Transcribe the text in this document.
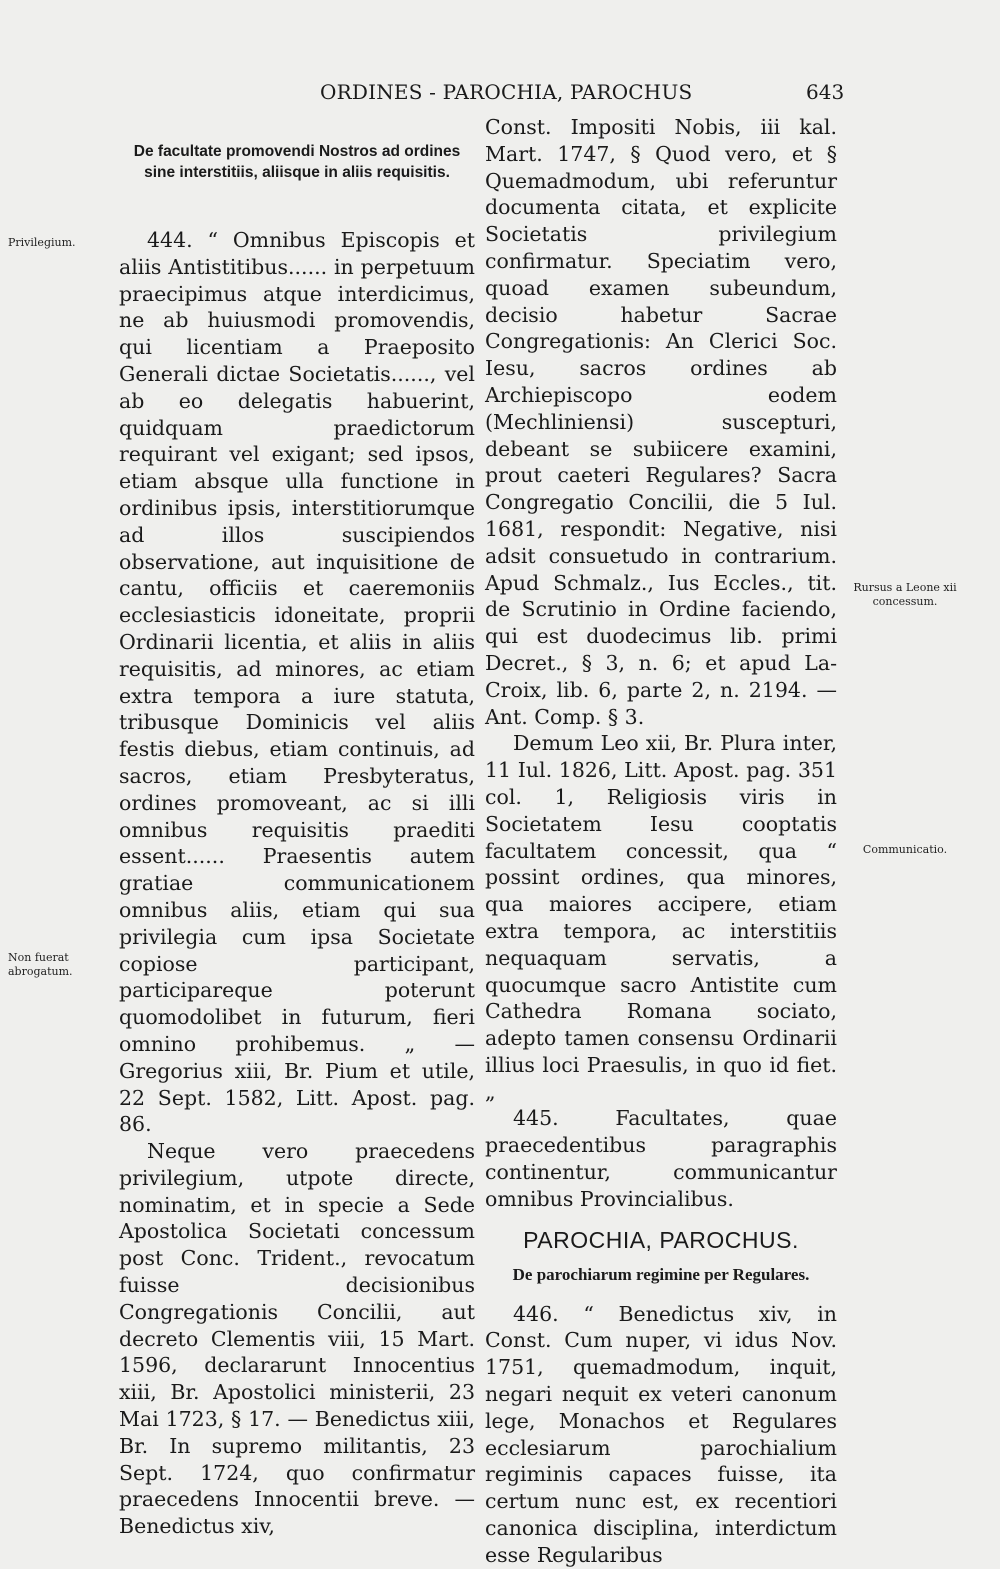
ORDINES - PAROCHIA, PAROCHUS	643
Privilegium.
Non fuerat abrogatum.
Rursus a Leone xii concessum.
Communicatio.

De facultate promovendi Nostros ad ordines sine interstitiis, aliisque in aliis requisitis.

444. “ Omnibus Episcopis et aliis Antistitibus...... in perpetuum praecipimus atque interdicimus, ne ab huiusmodi promovendis, qui licentiam a Praeposito Generali dictae Societatis......, vel ab eo delegatis habuerint, quidquam praedictorum requirant vel exigant; sed ipsos, etiam absque ulla functione in ordinibus ipsis, interstitiorumque ad illos suscipiendos observatione, aut inquisitione de cantu, officiis et caeremoniis ecclesiasticis idoneitate, proprii Ordinarii licentia, et aliis in aliis requisitis, ad minores, ac etiam extra tempora a iure statuta, tribusque Dominicis vel aliis festis diebus, etiam continuis, ad sacros, etiam Presbyteratus, ordines promoveant, ac si illi omnibus requisitis praediti essent...... Praesentis autem gratiae communicationem omnibus aliis, etiam qui sua privilegia cum ipsa Societate copiose participant, participareque poterunt quomodolibet in futurum, fieri omnino prohibemus. „ — Gregorius xiii, Br. Pium et utile, 22 Sept. 1582, Litt. Apost. pag. 86.

Neque vero praecedens privilegium, utpote directe, nominatim, et in specie a Sede Apostolica Societati concessum post Conc. Trident., revocatum fuisse decisionibus Congregationis Concilii, aut decreto Clementis viii, 15 Mart. 1596, declararunt Innocentius xiii, Br. Apostolici ministerii, 23 Mai 1723, § 17. — Benedictus xiii, Br. In supremo militantis, 23 Sept. 1724, quo confirmatur praecedens Innocentii breve. — Benedictus xiv,

Const. Impositi Nobis, iii kal. Mart. 1747, § Quod vero, et § Quemadmodum, ubi referuntur documenta citata, et explicite Societatis privilegium confirmatur. Speciatim vero, quoad examen subeundum, decisio habetur Sacrae Congregationis: An Clerici Soc. Iesu, sacros ordines ab Archiepiscopo eodem (Mechliniensi) suscepturi, debeant se subiicere examini, prout caeteri Regulares? Sacra Congregatio Concilii, die 5 Iul. 1681, respondit: Negative, nisi adsit consuetudo in contrarium. Apud Schmalz., Ius Eccles., tit. de Scrutinio in Ordine faciendo, qui est duodecimus lib. primi Decret., § 3, n. 6; et apud La-Croix, lib. 6, parte 2, n. 2194. — Ant. Comp. § 3.

Demum Leo xii, Br. Plura inter, 11 Iul. 1826, Litt. Apost. pag. 351 col. 1, Religiosis viris in Societatem Iesu cooptatis facultatem concessit, qua “ possint ordines, qua minores, qua maiores accipere, etiam extra tempora, ac interstitiis nequaquam servatis, a quocumque sacro Antistite cum Cathedra Romana sociato, adepto tamen consensu Ordinarii illius loci Praesulis, in quo id fiet. „

445. Facultates, quae praecedentibus paragraphis continentur, communicantur omnibus Provincialibus.

PAROCHIA, PAROCHUS.
De parochiarum regimine per Regulares.

446. “ Benedictus xiv, in Const. Cum nuper, vi idus Nov. 1751, quemadmodum, inquit, negari nequit ex veteri canonum lege, Monachos et Regulares ecclesiarum parochialium regiminis capaces fuisse, ita certum nunc est, ex recentiori canonica disciplina, interdictum esse Regularibus
